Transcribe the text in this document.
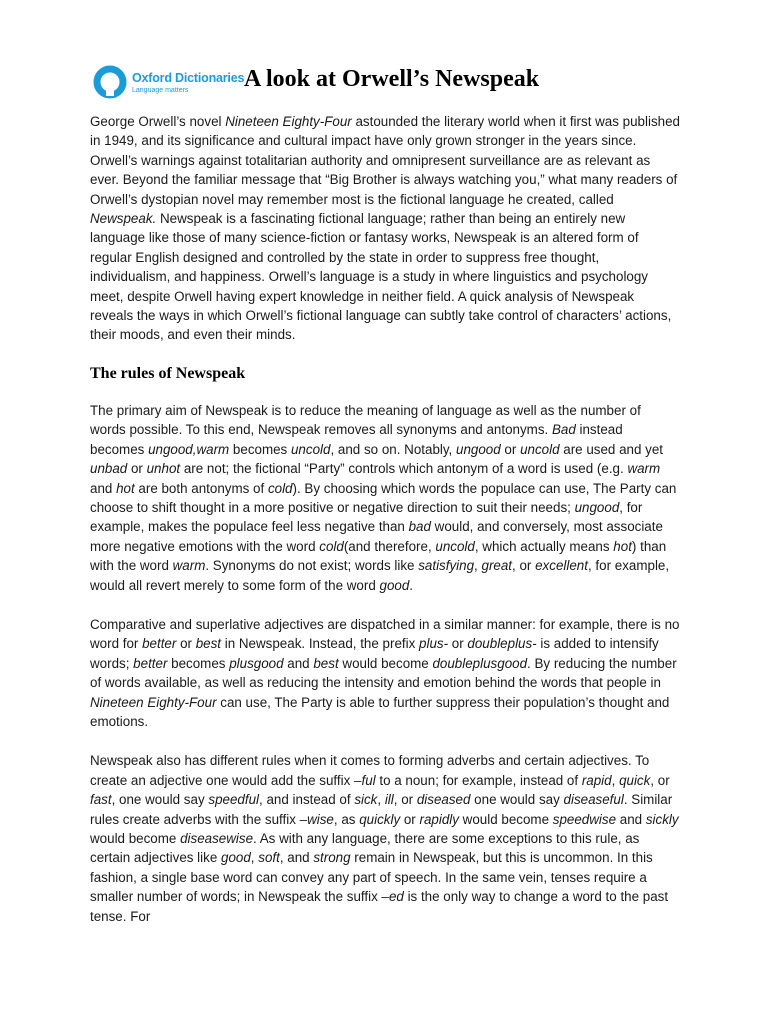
Oxford Dictionaries
Language matters	A look at Orwell’s Newspeak

George Orwell’s novel Nineteen Eighty-Four astounded the literary world when it first was published in 1949, and its significance and cultural impact have only grown stronger in the years since. Orwell’s warnings against totalitarian authority and omnipresent surveillance are as relevant as ever. Beyond the familiar message that “Big Brother is always watching you,” what many readers of Orwell’s dystopian novel may remember most is the fictional language he created, called Newspeak. Newspeak is a fascinating fictional language; rather than being an entirely new language like those of many science-fiction or fantasy works, Newspeak is an altered form of regular English designed and controlled by the state in order to suppress free thought, individualism, and happiness. Orwell’s language is a study in where linguistics and psychology meet, despite Orwell having expert knowledge in neither field. A quick analysis of Newspeak reveals the ways in which Orwell’s fictional language can subtly take control of characters’ actions, their moods, and even their minds.

The rules of Newspeak

The primary aim of Newspeak is to reduce the meaning of language as well as the number of words possible. To this end, Newspeak removes all synonyms and antonyms. Bad instead becomes ungood,warm becomes uncold, and so on. Notably, ungood or uncold are used and yet unbad or unhot are not; the fictional “Party” controls which antonym of a word is used (e.g. warm and hot are both antonyms of cold). By choosing which words the populace can use, The Party can choose to shift thought in a more positive or negative direction to suit their needs; ungood, for example, makes the populace feel less negative than bad would, and conversely, most associate more negative emotions with the word cold(and therefore, uncold, which actually means hot) than with the word warm. Synonyms do not exist; words like satisfying, great, or excellent, for example, would all revert merely to some form of the word good.

Comparative and superlative adjectives are dispatched in a similar manner: for example, there is no word for better or best in Newspeak. Instead, the prefix plus- or doubleplus- is added to intensify words; better becomes plusgood and best would become doubleplusgood. By reducing the number of words available, as well as reducing the intensity and emotion behind the words that people in Nineteen Eighty-Four can use, The Party is able to further suppress their population’s thought and emotions.

Newspeak also has different rules when it comes to forming adverbs and certain adjectives. To create an adjective one would add the suffix –ful to a noun; for example, instead of rapid, quick, or fast, one would say speedful, and instead of sick, ill, or diseased one would say diseaseful. Similar rules create adverbs with the suffix –wise, as quickly or rapidly would become speedwise and sickly would become diseasewise. As with any language, there are some exceptions to this rule, as certain adjectives like good, soft, and strong remain in Newspeak, but this is uncommon. In this fashion, a single base word can convey any part of speech. In the same vein, tenses require a smaller number of words; in Newspeak the suffix –ed is the only way to change a word to the past tense. For
